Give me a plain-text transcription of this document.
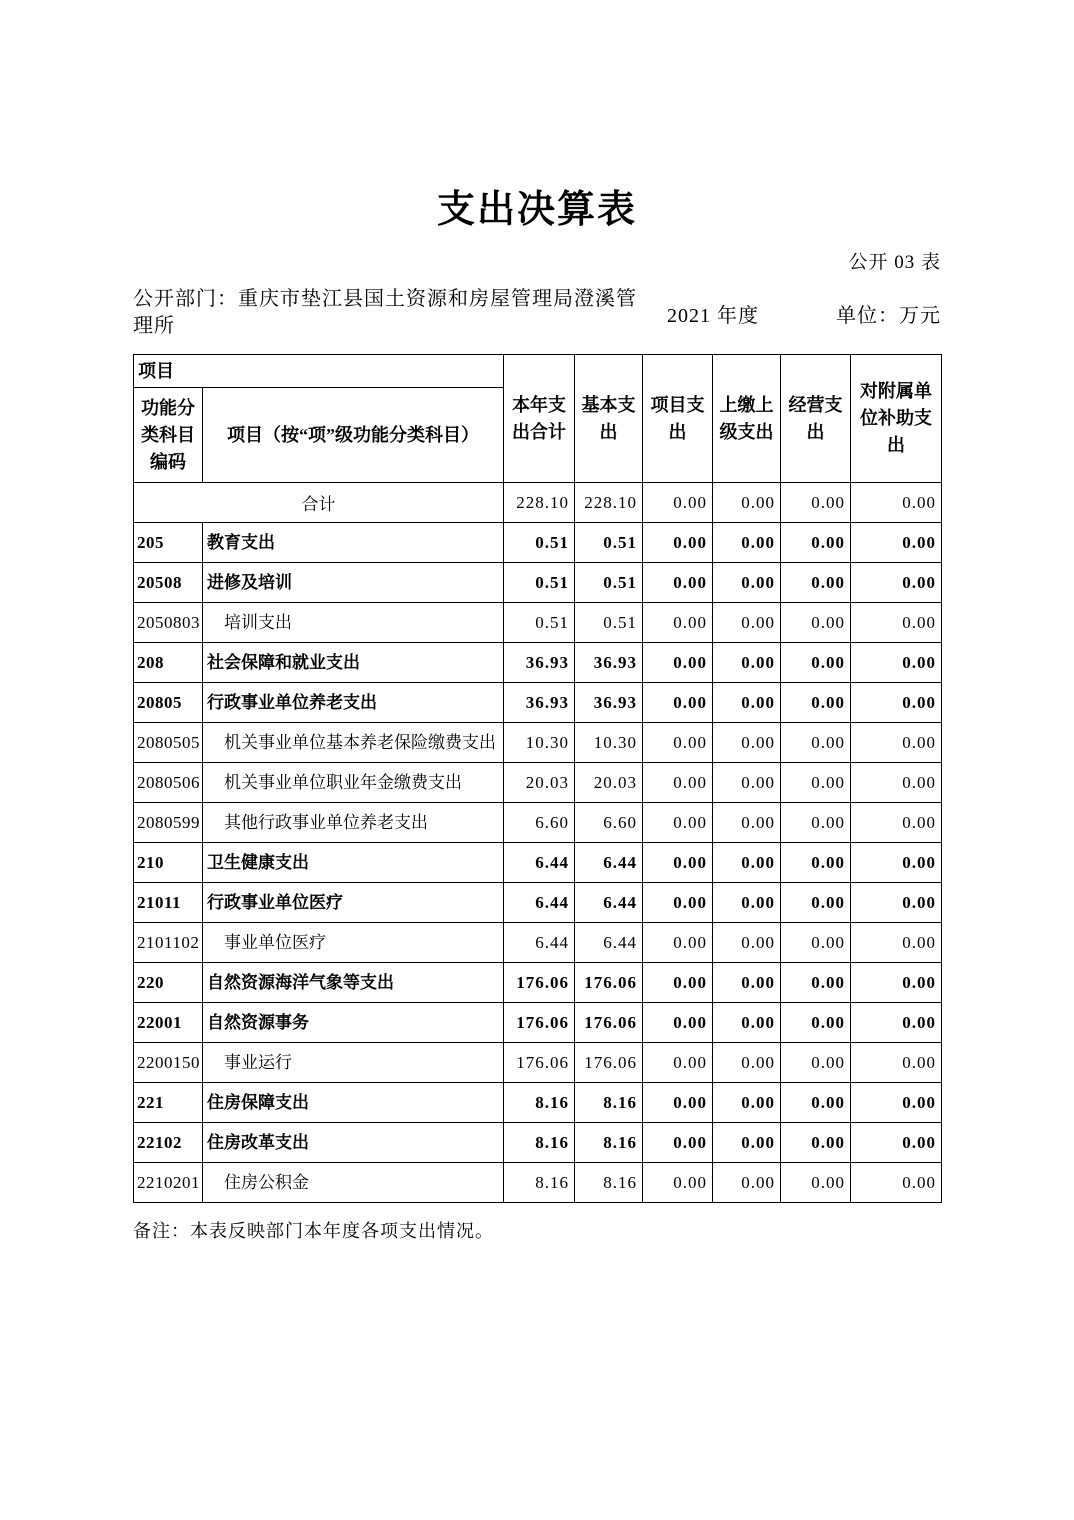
支出决算表
公开 03 表
公开部门：重庆市垫江县国土资源和房屋管理局澄溪管理所	2021 年度	单位：万元
项目		本年支出合计	基本支出	项目支出	上缴上级支出	经营支出	对附属单位补助支出
功能分类科目编码	项目（按“项”级功能分类科目）						
合计		228.10	228.10	0.00	0.00	0.00	0.00
205	教育支出	0.51	0.51	0.00	0.00	0.00	0.00
20508	进修及培训	0.51	0.51	0.00	0.00	0.00	0.00
2050803	培训支出	0.51	0.51	0.00	0.00	0.00	0.00
208	社会保障和就业支出	36.93	36.93	0.00	0.00	0.00	0.00
20805	行政事业单位养老支出	36.93	36.93	0.00	0.00	0.00	0.00
2080505	机关事业单位基本养老保险缴费支出	10.30	10.30	0.00	0.00	0.00	0.00
2080506	机关事业单位职业年金缴费支出	20.03	20.03	0.00	0.00	0.00	0.00
2080599	其他行政事业单位养老支出	6.60	6.60	0.00	0.00	0.00	0.00
210	卫生健康支出	6.44	6.44	0.00	0.00	0.00	0.00
21011	行政事业单位医疗	6.44	6.44	0.00	0.00	0.00	0.00
2101102	事业单位医疗	6.44	6.44	0.00	0.00	0.00	0.00
220	自然资源海洋气象等支出	176.06	176.06	0.00	0.00	0.00	0.00
22001	自然资源事务	176.06	176.06	0.00	0.00	0.00	0.00
2200150	事业运行	176.06	176.06	0.00	0.00	0.00	0.00
221	住房保障支出	8.16	8.16	0.00	0.00	0.00	0.00
22102	住房改革支出	8.16	8.16	0.00	0.00	0.00	0.00
2210201	住房公积金	8.16	8.16	0.00	0.00	0.00	0.00
备注：本表反映部门本年度各项支出情况。
